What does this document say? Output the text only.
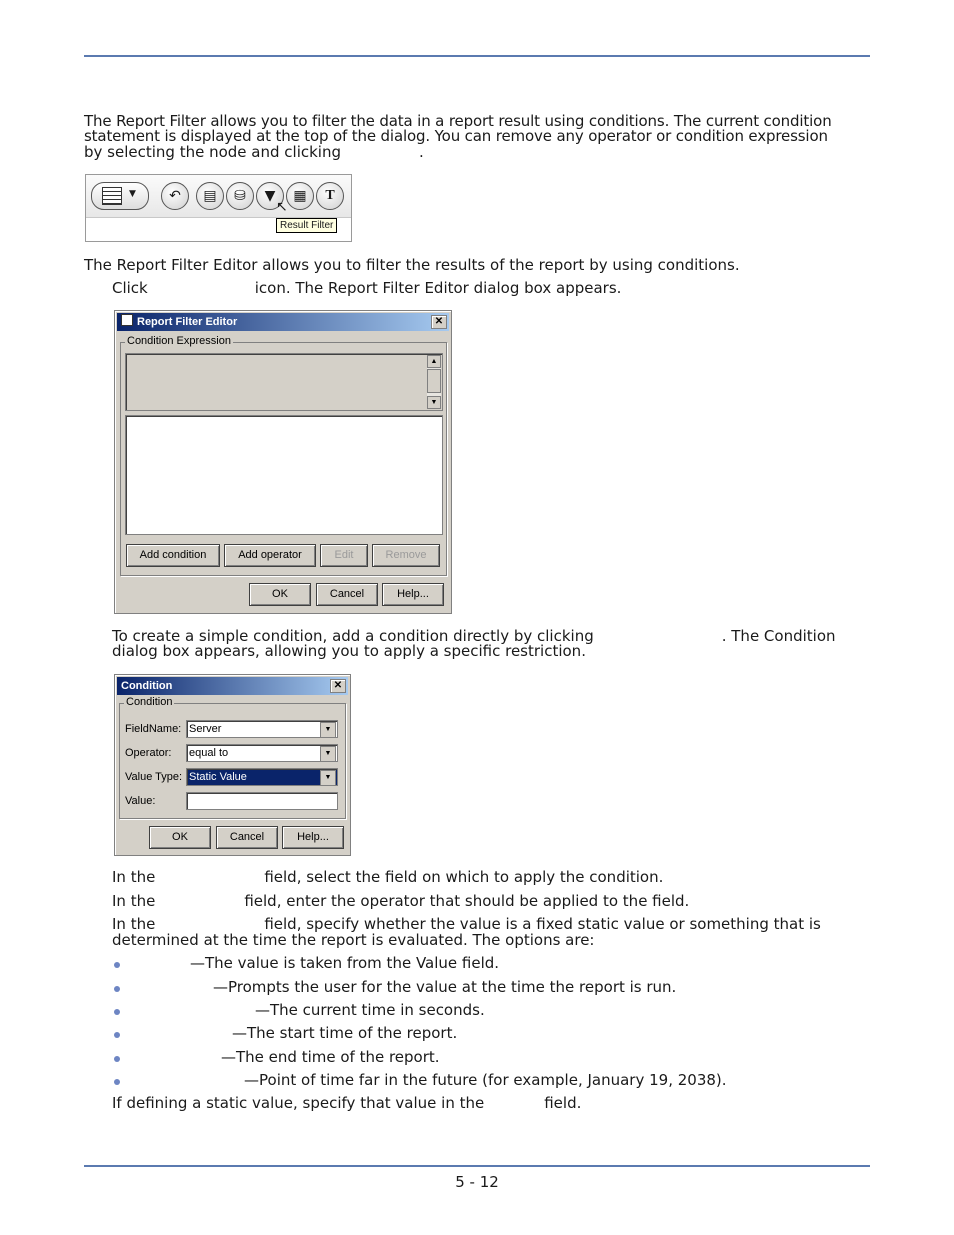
The Report Filter allows you to filter the data in a report result using conditions. The current condition
statement is displayed at the top of the dialog. You can remove any operator or condition expression
by selecting the node and clicking	.
▼	↶	▤	⛁	▼	▦	T
↖
Result Filter
The Report Filter Editor allows you to filter the results of the report by using conditions.
Click	icon. The Report Filter Editor dialog box appears.
Report Filter Editor	✕
Condition Expression
▲
▼
Add condition	Add operator	Edit	Remove
OK	Cancel	Help...
To create a simple condition, add a condition directly by clicking	. The Condition
dialog box appears, allowing you to apply a specific restriction.
Condition	✕
Condition
FieldName: Server	▼
Operator: equal to	▼
Value Type: Static Value	▼
Value:
OK	Cancel	Help...
In the	field, select the field on which to apply the condition.
In the	field, enter the operator that should be applied to the field.
In the	field, specify whether the value is a fixed static value or something that is
determined at the time the report is evaluated. The options are:
—The value is taken from the Value field.
—Prompts the user for the value at the time the report is run.
—The current time in seconds.
—The start time of the report.
—The end time of the report.
—Point of time far in the future (for example, January 19, 2038).
If defining a static value, specify that value in the	field.
5 - 12
